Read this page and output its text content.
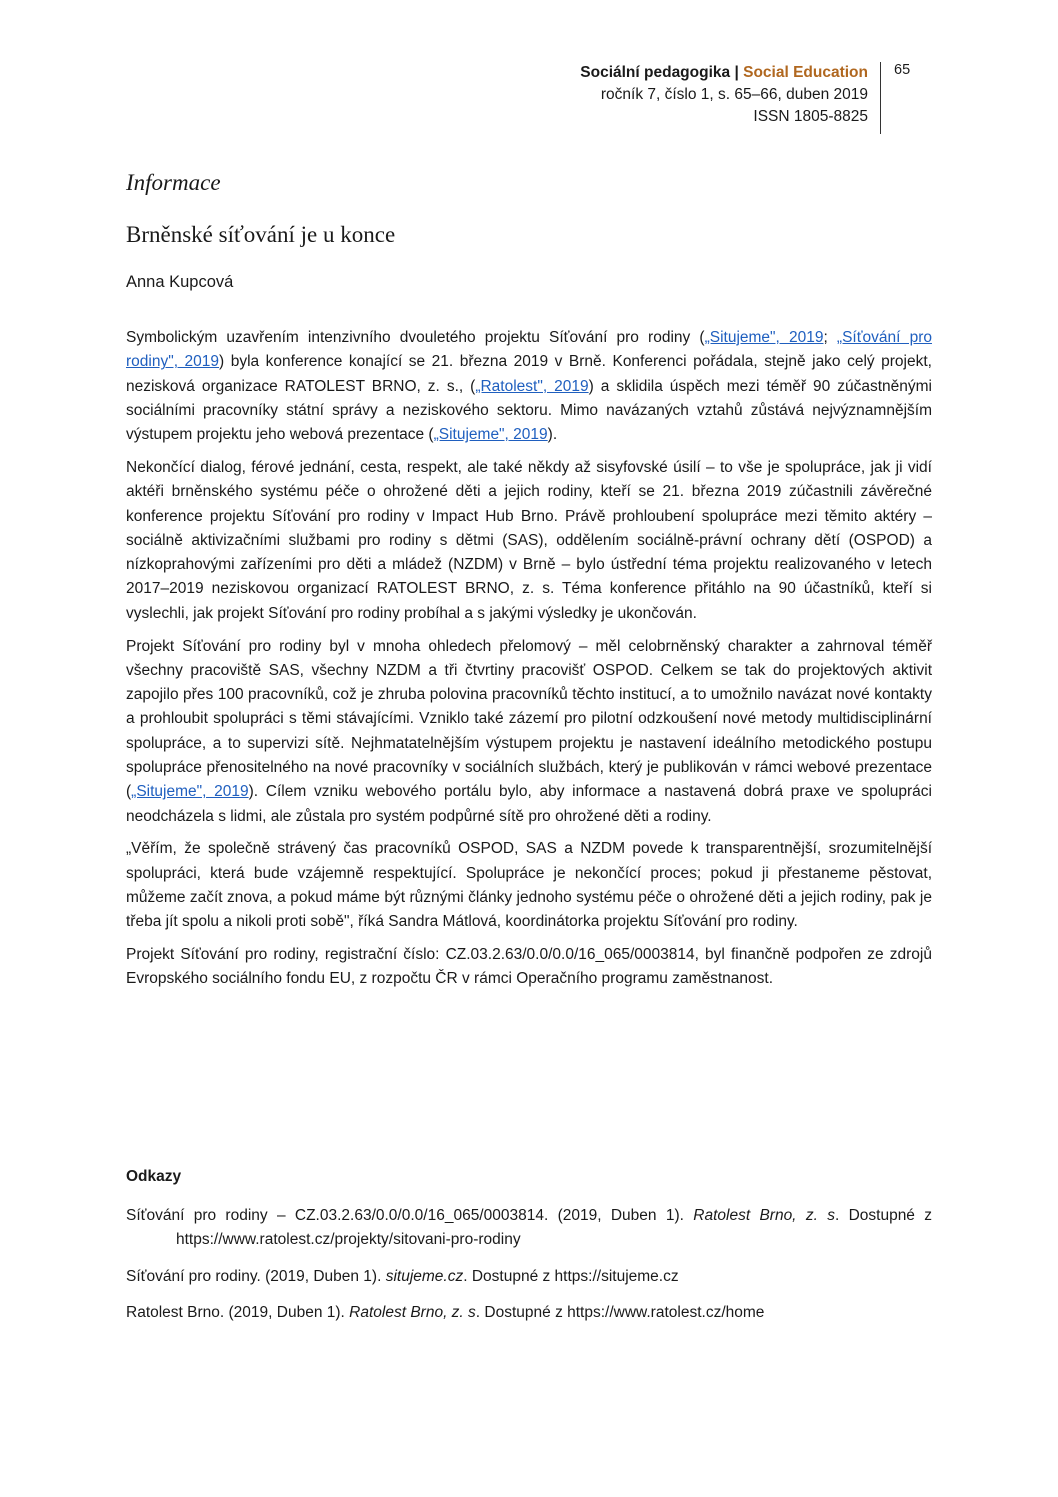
Sociální pedagogika | Social Education
ročník 7, číslo 1, s. 65–66, duben 2019
ISSN 1805-8825
65
Informace
Brněnské síťování je u konce
Anna Kupcová

Symbolickým uzavřením intenzivního dvouletého projektu Síťování pro rodiny („Situjeme", 2019; „Síťování pro rodiny", 2019) byla konference konající se 21. března 2019 v Brně. Konferenci pořádala, stejně jako celý projekt, nezisková organizace RATOLEST BRNO, z. s., („Ratolest", 2019) a sklidila úspěch mezi téměř 90 zúčastněnými sociálními pracovníky státní správy a neziskového sektoru. Mimo navázaných vztahů zůstává nejvýznamnějším výstupem projektu jeho webová prezentace („Situjeme", 2019).

Nekončící dialog, férové jednání, cesta, respekt, ale také někdy až sisyfovské úsilí – to vše je spolupráce, jak ji vidí aktéři brněnského systému péče o ohrožené děti a jejich rodiny, kteří se 21. března 2019 zúčastnili závěrečné konference projektu Síťování pro rodiny v Impact Hub Brno. Právě prohloubení spolupráce mezi těmito aktéry – sociálně aktivizačními službami pro rodiny s dětmi (SAS), oddělením sociálně-právní ochrany dětí (OSPOD) a nízkoprahovými zařízeními pro děti a mládež (NZDM) v Brně – bylo ústřední téma projektu realizovaného v letech 2017–2019 neziskovou organizací RATOLEST BRNO, z. s. Téma konference přitáhlo na 90 účastníků, kteří si vyslechli, jak projekt Síťování pro rodiny probíhal a s jakými výsledky je ukončován.

Projekt Síťování pro rodiny byl v mnoha ohledech přelomový – měl celobrněnský charakter a zahrnoval téměř všechny pracoviště SAS, všechny NZDM a tři čtvrtiny pracovišť OSPOD. Celkem se tak do projektových aktivit zapojilo přes 100 pracovníků, což je zhruba polovina pracovníků těchto institucí, a to umožnilo navázat nové kontakty a prohloubit spolupráci s těmi stávajícími. Vzniklo také zázemí pro pilotní odzkoušení nové metody multidisciplinární spolupráce, a to supervizi sítě. Nejhmatatelnějším výstupem projektu je nastavení ideálního metodického postupu spolupráce přenositelného na nové pracovníky v sociálních službách, který je publikován v rámci webové prezentace („Situjeme", 2019). Cílem vzniku webového portálu bylo, aby informace a nastavená dobrá praxe ve spolupráci neodcházela s lidmi, ale zůstala pro systém podpůrné sítě pro ohrožené děti a rodiny.

„Věřím, že společně strávený čas pracovníků OSPOD, SAS a NZDM povede k transparentnější, srozumitelnější spolupráci, která bude vzájemně respektující. Spolupráce je nekončící proces; pokud ji přestaneme pěstovat, můžeme začít znova, a pokud máme být různými články jednoho systému péče o ohrožené děti a jejich rodiny, pak je třeba jít spolu a nikoli proti sobě", říká Sandra Mátlová, koordinátorka projektu Síťování pro rodiny.

Projekt Síťování pro rodiny, registrační číslo: CZ.03.2.63/0.0/0.0/16_065/0003814, byl finančně podpořen ze zdrojů Evropského sociálního fondu EU, z rozpočtu ČR v rámci Operačního programu zaměstnanost.

Odkazy
Síťování pro rodiny – CZ.03.2.63/0.0/0.0/16_065/0003814. (2019, Duben 1). Ratolest Brno, z. s. Dostupné z https://www.ratolest.cz/projekty/sitovani-pro-rodiny
Síťování pro rodiny. (2019, Duben 1). situjeme.cz. Dostupné z https://situjeme.cz
Ratolest Brno. (2019, Duben 1). Ratolest Brno, z. s. Dostupné z https://www.ratolest.cz/home
